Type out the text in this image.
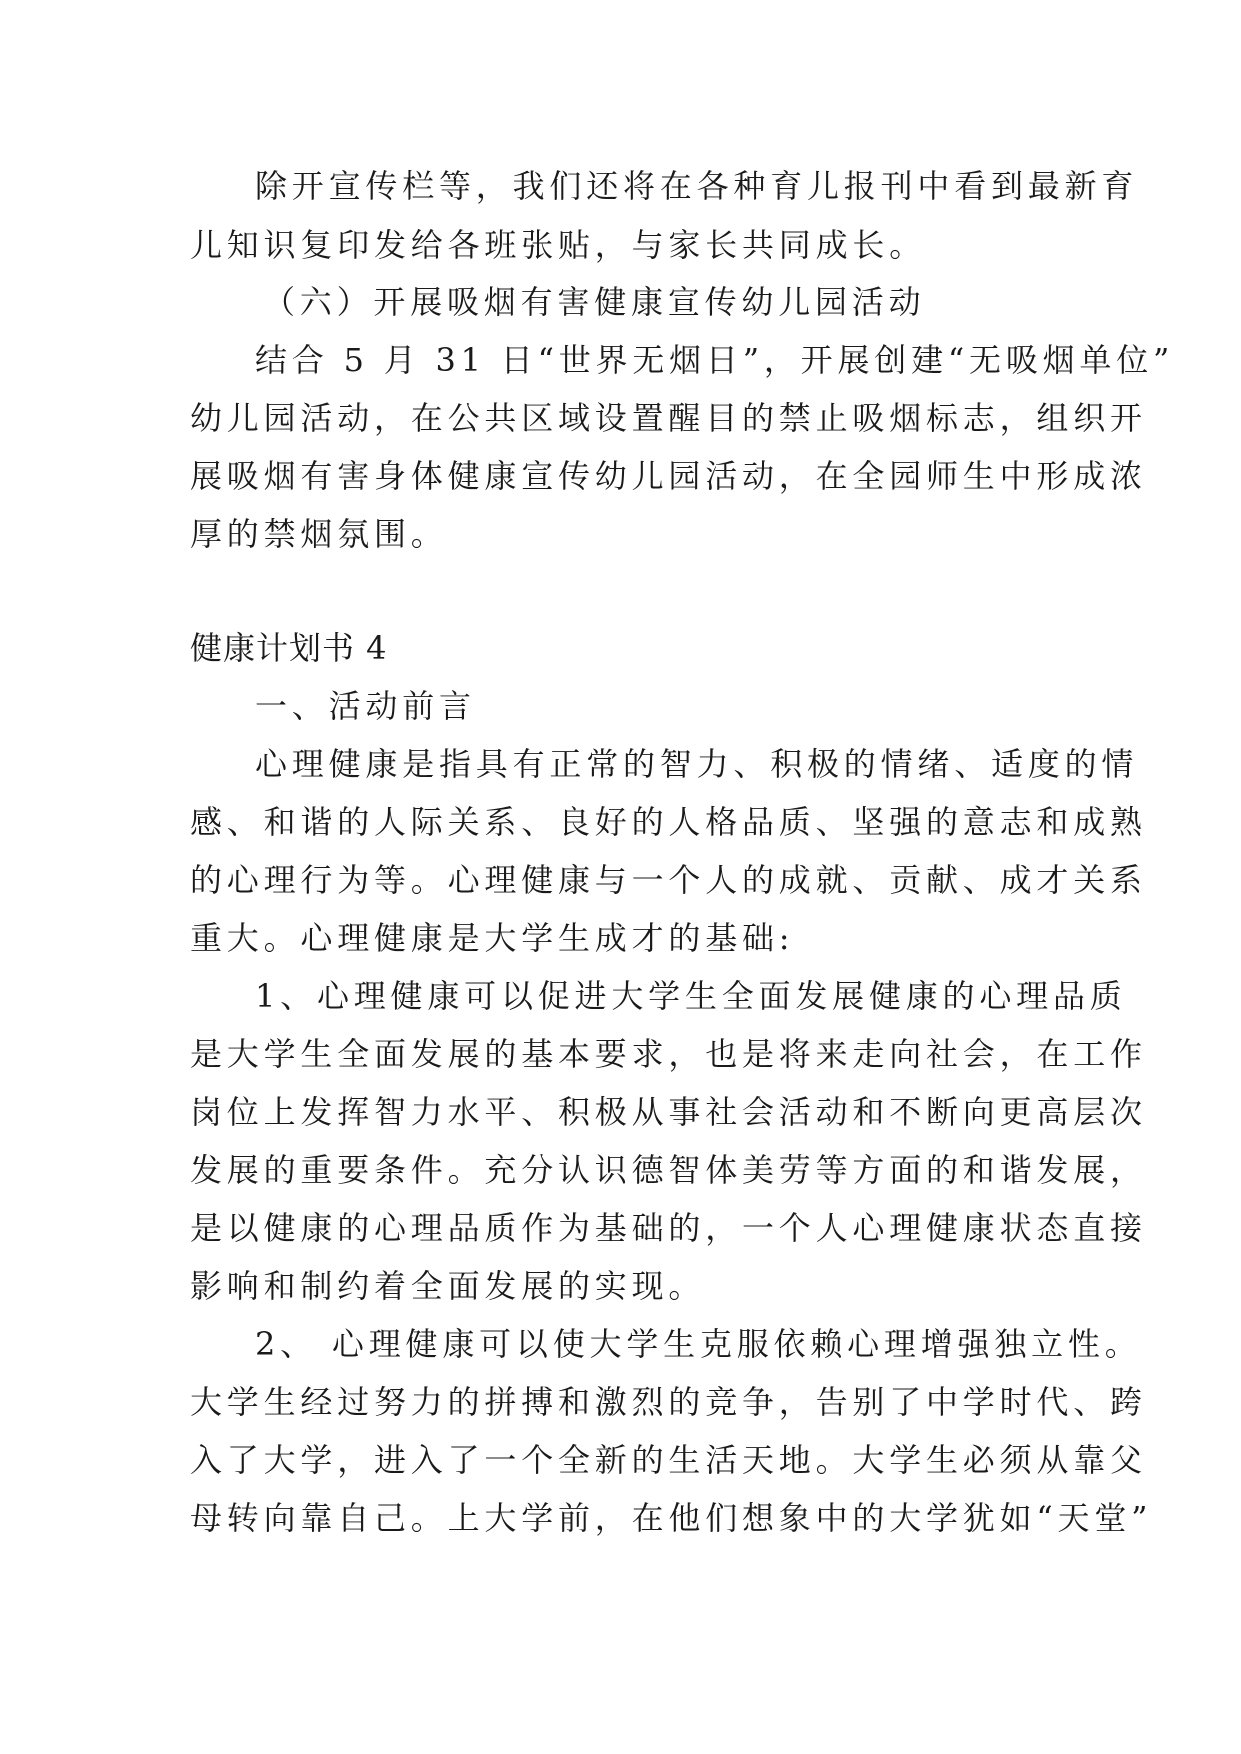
除开宣传栏等，我们还将在各种育儿报刊中看到最新育
儿知识复印发给各班张贴，与家长共同成长。
（六）开展吸烟有害健康宣传幼儿园活动
结合 5 月 31 日“世界无烟日”，开展创建“无吸烟单位”
幼儿园活动，在公共区域设置醒目的禁止吸烟标志，组织开
展吸烟有害身体健康宣传幼儿园活动，在全园师生中形成浓
厚的禁烟氛围。
健康计划书 4
一、活动前言
心理健康是指具有正常的智力、积极的情绪、适度的情
感、和谐的人际关系、良好的人格品质、坚强的意志和成熟
的心理行为等。心理健康与一个人的成就、贡献、成才关系
重大。心理健康是大学生成才的基础:
1、心理健康可以促进大学生全面发展健康的心理品质
是大学生全面发展的基本要求，也是将来走向社会，在工作
岗位上发挥智力水平、积极从事社会活动和不断向更高层次
发展的重要条件。充分认识德智体美劳等方面的和谐发展，
是以健康的心理品质作为基础的，一个人心理健康状态直接
影响和制约着全面发展的实现。
2、 心理健康可以使大学生克服依赖心理增强独立性。
大学生经过努力的拼搏和激烈的竞争，告别了中学时代、跨
入了大学，进入了一个全新的生活天地。大学生必须从靠父
母转向靠自己。上大学前，在他们想象中的大学犹如“天堂”
